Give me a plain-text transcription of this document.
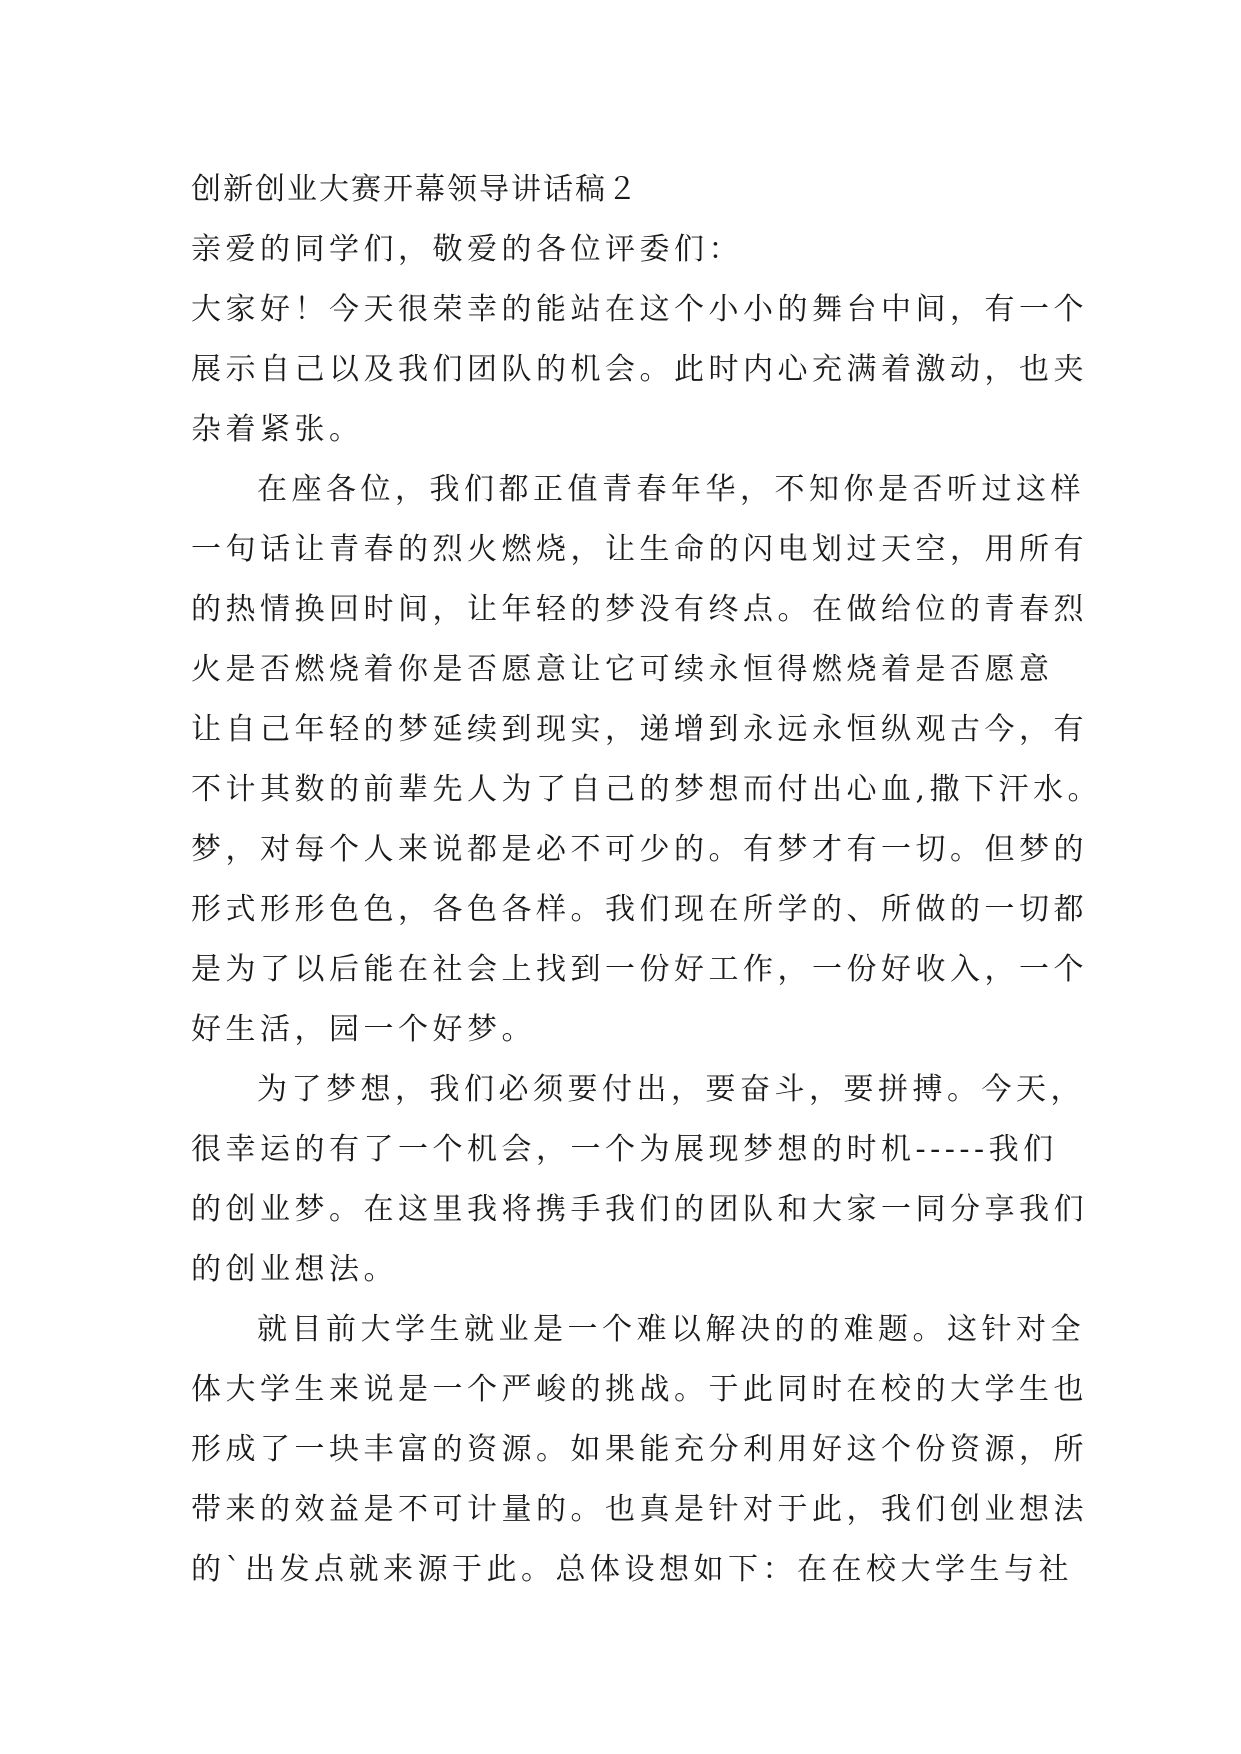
创新创业大赛开幕领导讲话稿２

亲爱的同学们，敬爱的各位评委们：

大家好！今天很荣幸的能站在这个小小的舞台中间，有一个
展示自己以及我们团队的机会。此时内心充满着激动，也夹
杂着紧张。

在座各位，我们都正值青春年华，不知你是否听过这样
一句话让青春的烈火燃烧，让生命的闪电划过天空，用所有
的热情换回时间，让年轻的梦没有终点。在做给位的青春烈
火是否燃烧着你是否愿意让它可续永恒得燃烧着是否愿意
让自己年轻的梦延续到现实，递增到永远永恒纵观古今，有
不计其数的前辈先人为了自己的梦想而付出心血,撒下汗水。
梦，对每个人来说都是必不可少的。有梦才有一切。但梦的
形式形形色色，各色各样。我们现在所学的、所做的一切都
是为了以后能在社会上找到一份好工作，一份好收入，一个
好生活，园一个好梦。

为了梦想，我们必须要付出，要奋斗，要拼搏。今天，
很幸运的有了一个机会，一个为展现梦想的时机-----我们
的创业梦。在这里我将携手我们的团队和大家一同分享我们
的创业想法。

就目前大学生就业是一个难以解决的的难题。这针对全
体大学生来说是一个严峻的挑战。于此同时在校的大学生也
形成了一块丰富的资源。如果能充分利用好这个份资源，所
带来的效益是不可计量的。也真是针对于此，我们创业想法
的`出发点就来源于此。总体设想如下：在在校大学生与社
